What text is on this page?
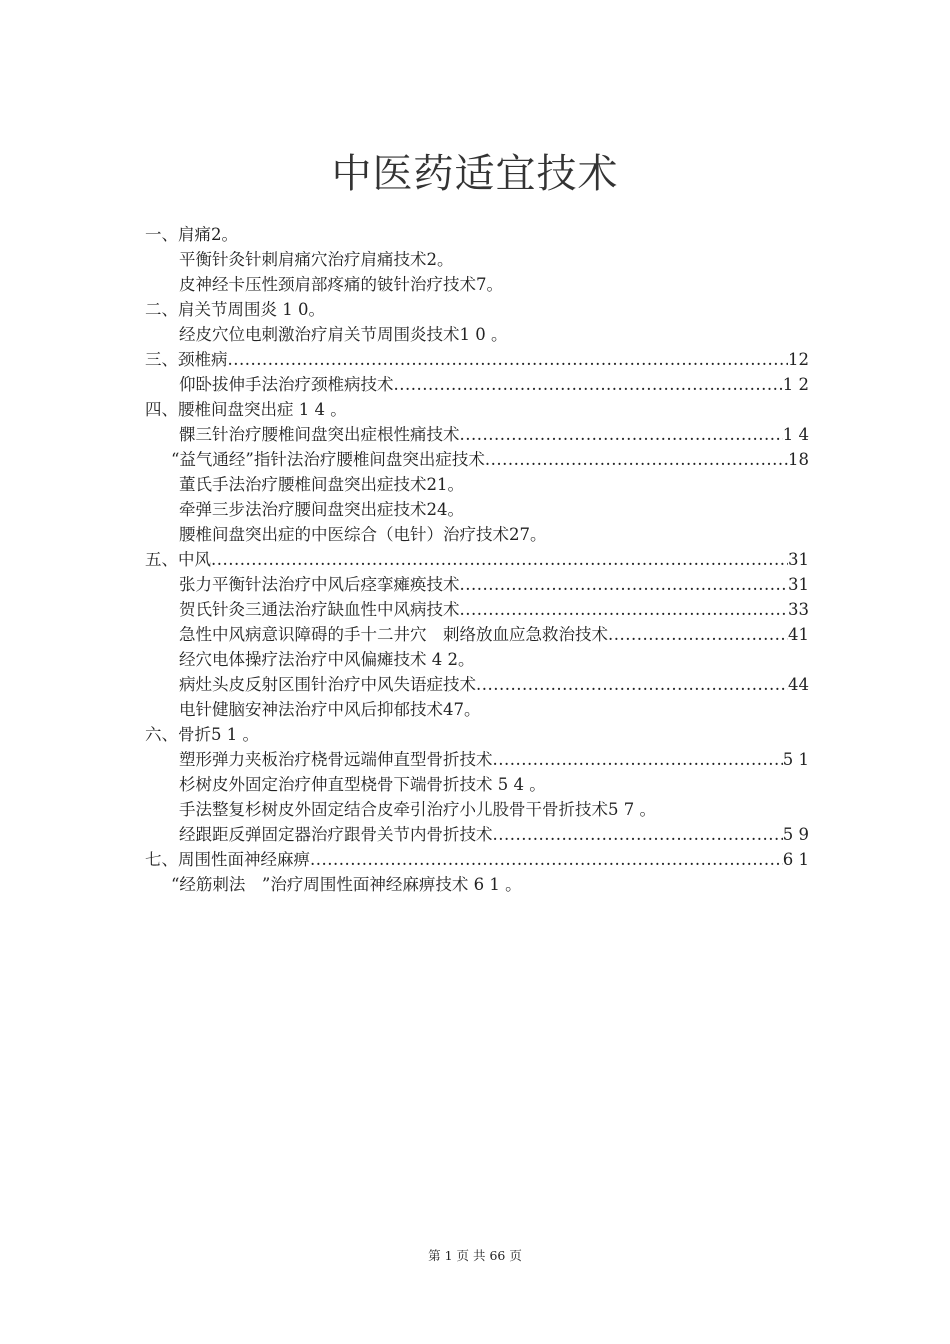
中医药适宜技术
一、肩痛2。
平衡针灸针刺肩痛穴治疗肩痛技术2。
皮神经卡压性颈肩部疼痛的铍针治疗技术7。
二、肩关节周围炎 1 0。
经皮穴位电刺激治疗肩关节周围炎技术1 0 。
三、颈椎病 .....	12
仰卧拔伸手法治疗颈椎病技术 .....	1 2
四、腰椎间盘突出症 1 4 。
髁三针治疗腰椎间盘突出症根性痛技术 .....	1 4
“益气通经”指针法治疗腰椎间盘突出症技术 .....	18
董氏手法治疗腰椎间盘突出症技术21。
牵弹三步法治疗腰间盘突出症技术24。
腰椎间盘突出症的中医综合（电针）治疗技术27。
五、中风 .....	31
张力平衡针法治疗中风后痉挛瘫痪技术 .....	31
贺氏针灸三通法治疗缺血性中风病技术 .....	33
急性中风病意识障碍的手十二井穴　刺络放血应急救治技术 .....	41
经穴电体操疗法治疗中风偏瘫技术 4 2。
病灶头皮反射区围针治疗中风失语症技术 .....	44
电针健脑安神法治疗中风后抑郁技术47。
六、骨折5 1 。
塑形弹力夹板治疗桡骨远端伸直型骨折技术 .....	5 1
杉树皮外固定治疗伸直型桡骨下端骨折技术 5 4 。
手法整复杉树皮外固定结合皮牵引治疗小儿股骨干骨折技术5 7 。
经跟距反弹固定器治疗跟骨关节内骨折技术 .....	5 9
七、周围性面神经麻痹 .....	6 1
“经筋刺法　”治疗周围性面神经麻痹技术 6 1 。
第 1 页 共 66 页
